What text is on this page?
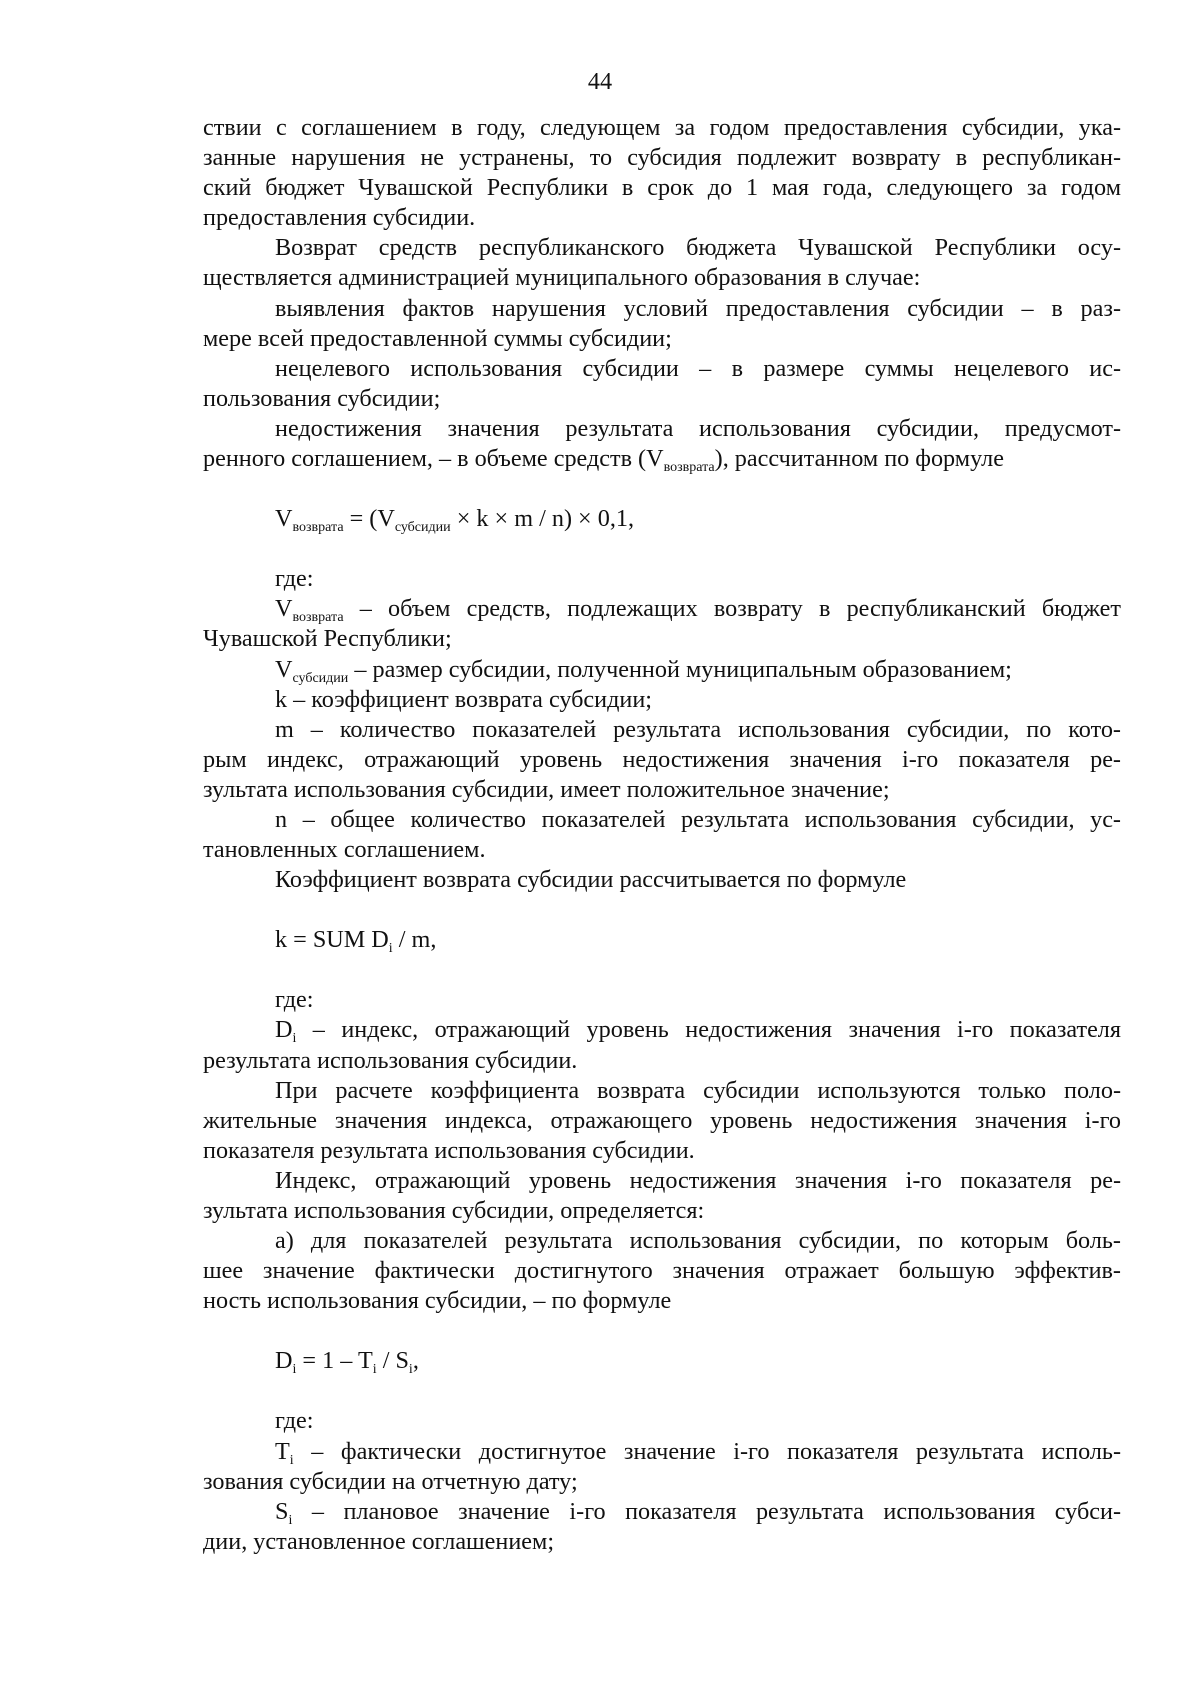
44

ствии с соглашением в году, следующем за годом предоставления субсидии, ука-

занные нарушения не устранены, то субсидия подлежит возврату в республикан-

ский бюджет Чувашской Республики в срок до 1 мая года, следующего за годом

предоставления субсидии.

Возврат средств республиканского бюджета Чувашской Республики осу-

ществляется администрацией муниципального образования в случае:

выявления фактов нарушения условий предоставления субсидии – в раз-

мере всей предоставленной суммы субсидии;

нецелевого использования субсидии – в размере суммы нецелевого ис-

пользования субсидии;

недостижения значения результата использования субсидии, предусмот-

ренного соглашением, – в объеме средств $(V_{возврата})$, рассчитанном по формуле

$V_{возврата} = (V_{субсидии} \times k \times m / n) \times 0,1$,

где:

$V_{возврата}$ – объем средств, подлежащих возврату в республиканский бюджет

Чувашской Республики;

$V_{субсидии}$ – размер субсидии, полученной муниципальным образованием;

k – коэффициент возврата субсидии;

m – количество показателей результата использования субсидии, по кото-

рым индекс, отражающий уровень недостижения значения i-го показателя ре-

зультата использования субсидии, имеет положительное значение;

n – общее количество показателей результата использования субсидии, ус-

тановленных соглашением.

Коэффициент возврата субсидии рассчитывается по формуле

k = SUM $D_i$ / m,

где:

$D_i$ – индекс, отражающий уровень недостижения значения i-го показателя

результата использования субсидии.

При расчете коэффициента возврата субсидии используются только поло-

жительные значения индекса, отражающего уровень недостижения значения i-го

показателя результата использования субсидии.

Индекс, отражающий уровень недостижения значения i-го показателя ре-

зультата использования субсидии, определяется:

а) для показателей результата использования субсидии, по которым боль-

шее значение фактически достигнутого значения отражает большую эффектив-

ность использования субсидии, – по формуле

$D_i = 1 - T_i / S_i$,

где:

$T_i$ – фактически достигнутое значение i-го показателя результата исполь-

зования субсидии на отчетную дату;

$S_i$ – плановое значение i-го показателя результата использования субси-

дии, установленное соглашением;
